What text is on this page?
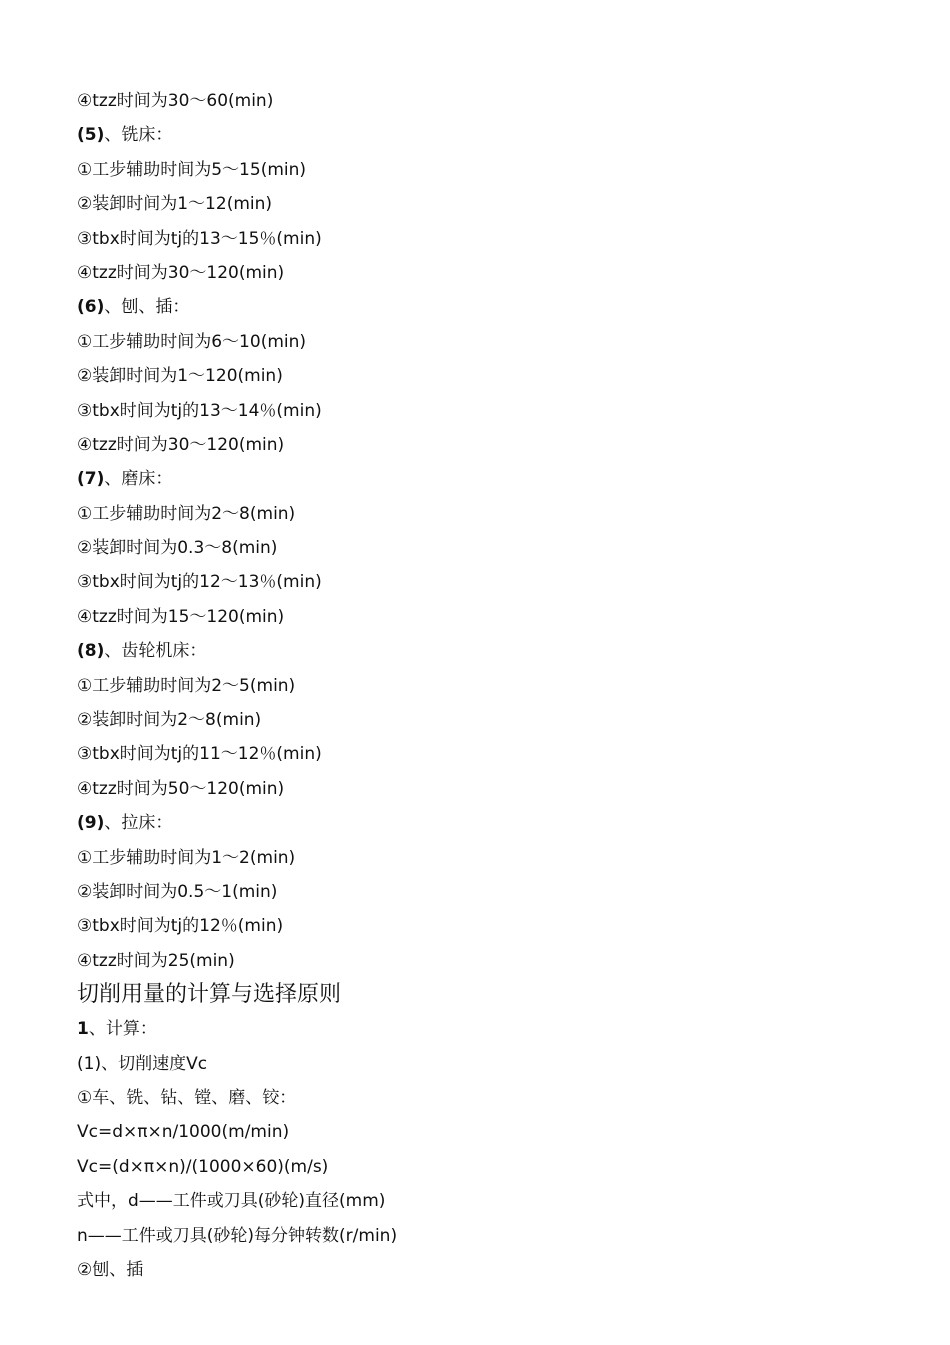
④tzz时间为30～60(min)
(5)、铣床：
①工步辅助时间为5～15(min)
②装卸时间为1～12(min)
③tbx时间为tj的13～15％(min)
④tzz时间为30～120(min)
(6)、刨、插：
①工步辅助时间为6～10(min)
②装卸时间为1～120(min)
③tbx时间为tj的13～14％(min)
④tzz时间为30～120(min)
(7)、磨床：
①工步辅助时间为2～8(min)
②装卸时间为0.3～8(min)
③tbx时间为tj的12～13％(min)
④tzz时间为15～120(min)
(8)、齿轮机床：
①工步辅助时间为2～5(min)
②装卸时间为2～8(min)
③tbx时间为tj的11～12％(min)
④tzz时间为50～120(min)
(9)、拉床：
①工步辅助时间为1～2(min)
②装卸时间为0.5～1(min)
③tbx时间为tj的12％(min)
④tzz时间为25(min)
切削用量的计算与选择原则
1、计算：
(1)、切削速度Vc
①车、铣、钻、镗、磨、铰：
Vc=d×π×n/1000(m/min)
Vc=(d×π×n)/(1000×60)(m/s)
式中，d——工件或刀具(砂轮)直径(mm)
n——工件或刀具(砂轮)每分钟转数(r/min)
②刨、插
